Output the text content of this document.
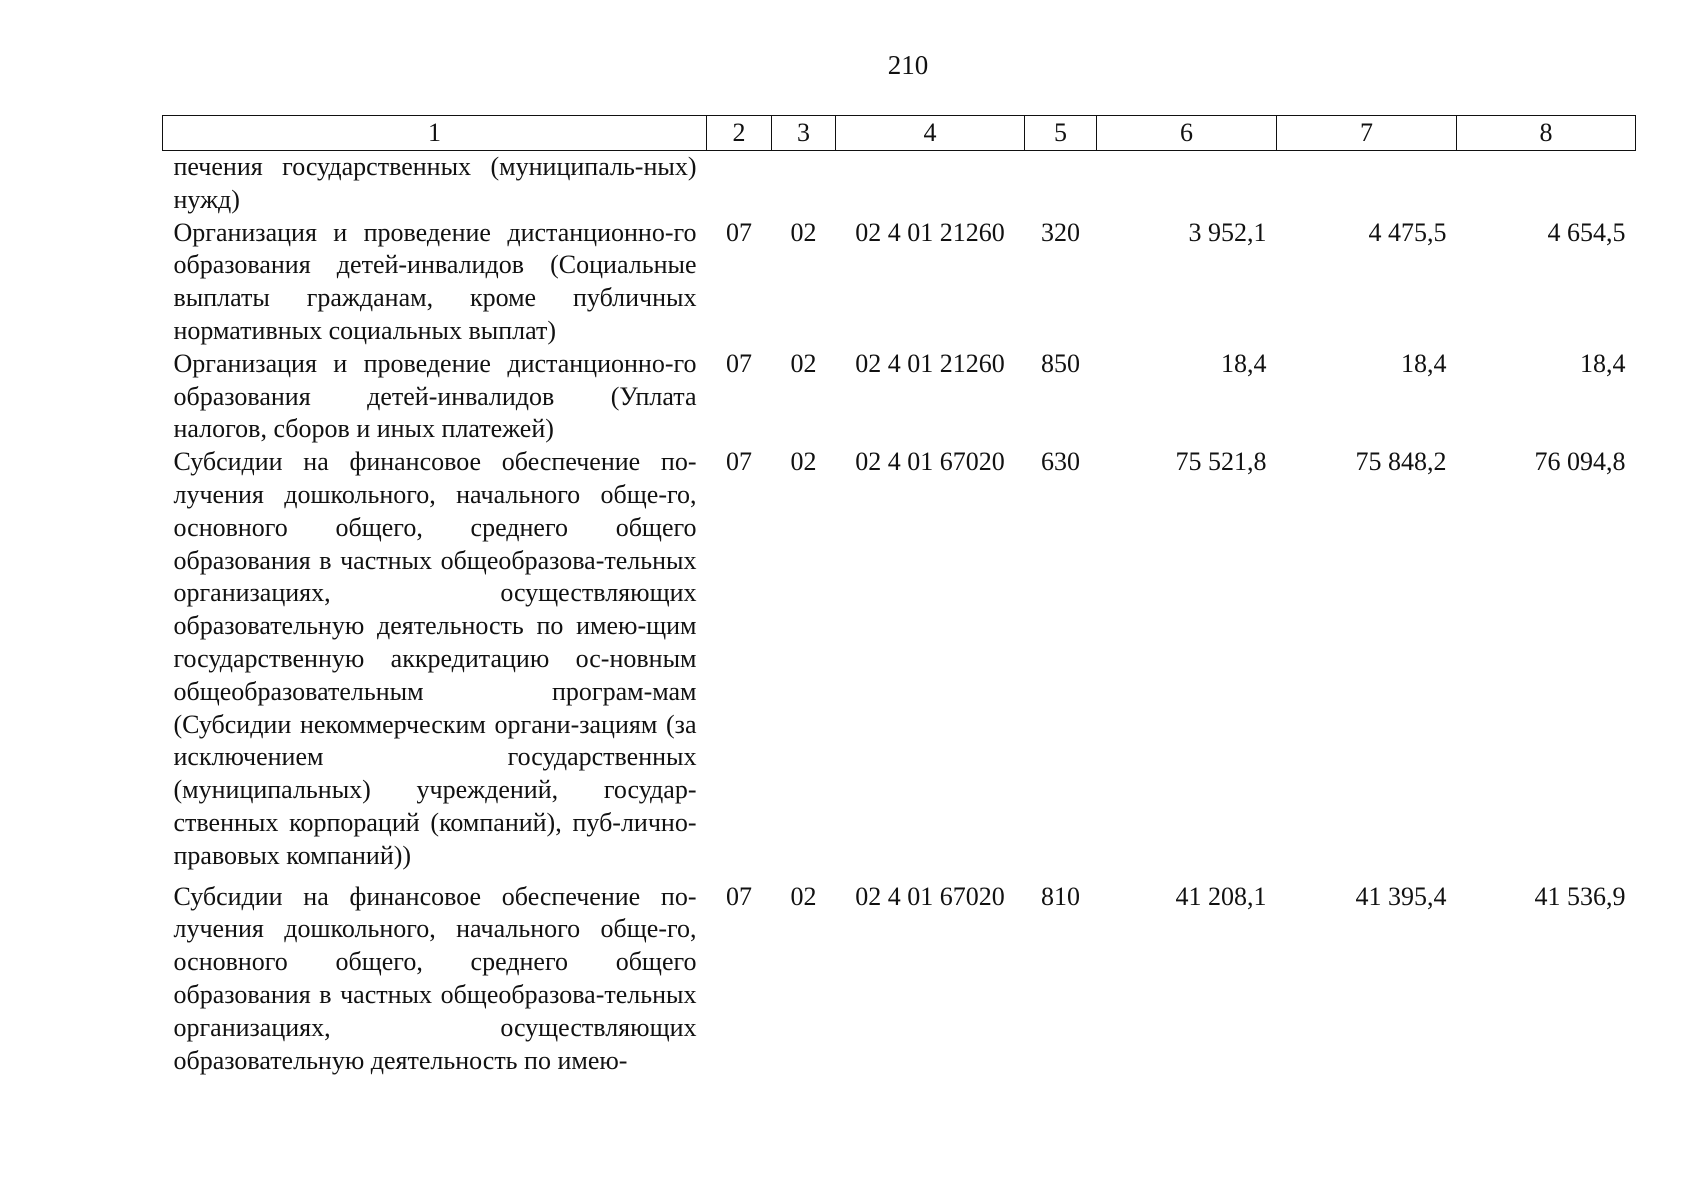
210
1	2	3	4	5	6	7	8
печения государственных (муниципаль-ных) нужд)							
Организация и проведение дистанционно-го образования детей-инвалидов (Социальные выплаты гражданам, кроме публичных нормативных социальных выплат)	07	02	02 4 01 21260	320	3 952,1	4 475,5	4 654,5
Организация и проведение дистанционно-го образования детей-инвалидов (Уплата налогов, сборов и иных платежей)	07	02	02 4 01 21260	850	18,4	18,4	18,4
Субсидии на финансовое обеспечение по-лучения дошкольного, начального обще-го, основного общего, среднего общего образования в частных общеобразова-тельных организациях, осуществляющих образовательную деятельность по имею-щим государственную аккредитацию ос-новным общеобразовательным програм-мам (Субсидии некоммерческим органи-зациям (за исключением государственных (муниципальных) учреждений, государ-ственных корпораций (компаний), пуб-лично-правовых компаний))	07	02	02 4 01 67020	630	75 521,8	75 848,2	76 094,8
Субсидии на финансовое обеспечение по-лучения дошкольного, начального обще-го, основного общего, среднего общего образования в частных общеобразова-тельных организациях, осуществляющих образовательную деятельность по имею-	07	02	02 4 01 67020	810	41 208,1	41 395,4	41 536,9
